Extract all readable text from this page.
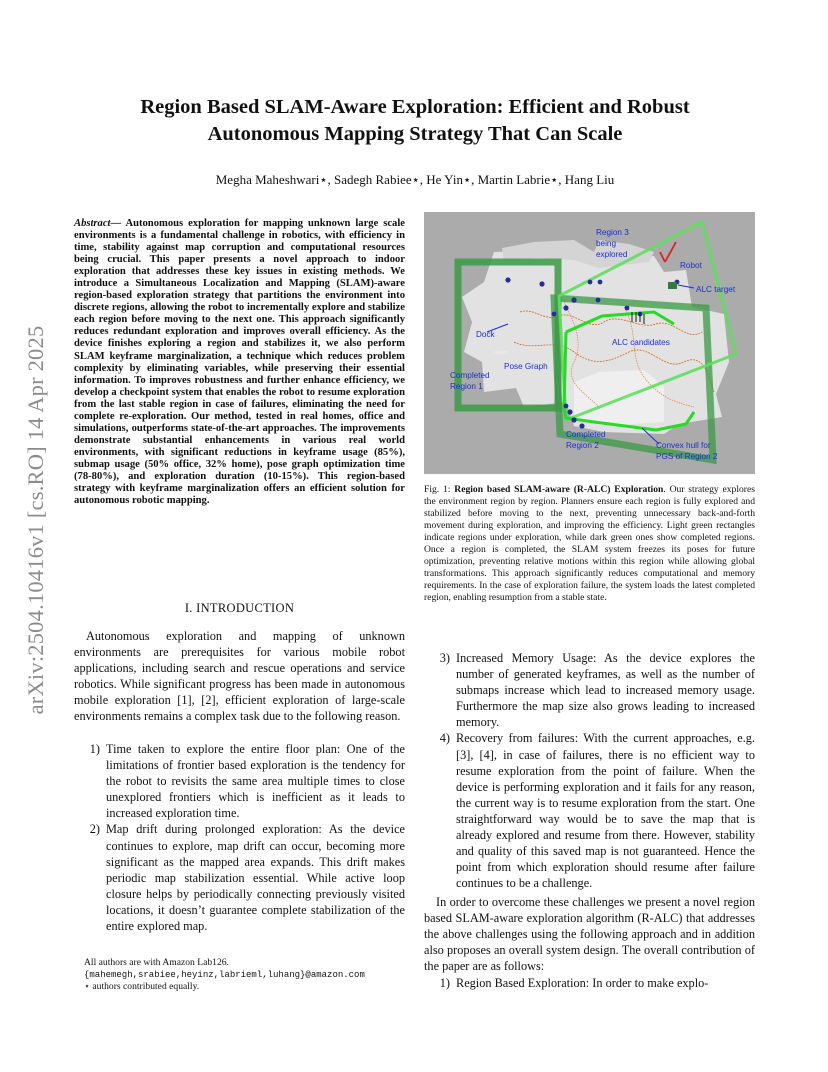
arXiv:2504.10416v1 [cs.RO] 14 Apr 2025
Region Based SLAM-Aware Exploration: Efficient and Robust
Autonomous Mapping Strategy That Can Scale
Megha Maheshwari⋆, Sadegh Rabiee⋆, He Yin⋆, Martin Labrie⋆, Hang Liu
Abstract— Autonomous exploration for mapping unknown large scale environments is a fundamental challenge in robotics, with efficiency in time, stability against map corruption and computational resources being crucial. This paper presents a novel approach to indoor exploration that addresses these key issues in existing methods. We introduce a Simultaneous Localization and Mapping (SLAM)-aware region-based exploration strategy that partitions the environment into discrete regions, allowing the robot to incrementally explore and stabilize each region before moving to the next one. This approach significantly reduces redundant exploration and improves overall efficiency. As the device finishes exploring a region and stabilizes it, we also perform SLAM keyframe marginalization, a technique which reduces problem complexity by eliminating variables, while preserving their essential information. To improves robustness and further enhance efficiency, we develop a checkpoint system that enables the robot to resume exploration from the last stable region in case of failures, eliminating the need for complete re-exploration. Our method, tested in real homes, office and simulations, outperforms state-of-the-art approaches. The improvements demonstrate substantial enhancements in various real world environments, with significant reductions in keyframe usage (85%), submap usage (50% office, 32% home), pose graph optimization time (78-80%), and exploration duration (10-15%). This region-based strategy with keyframe marginalization offers an efficient solution for autonomous robotic mapping.
I. INTRODUCTION

Autonomous exploration and mapping of unknown environments are prerequisites for various mobile robot applications, including search and rescue operations and service robotics. While significant progress has been made in autonomous mobile exploration [1], [2], efficient exploration of large-scale environments remains a complex task due to the following reason.

1) Time taken to explore the entire floor plan: One of the limitations of frontier based exploration is the tendency for the robot to revisits the same area multiple times to close unexplored frontiers which is inefficient as it leads to increased exploration time.
2) Map drift during prolonged exploration: As the device continues to explore, map drift can occur, becoming more significant as the mapped area expands. This drift makes periodic map stabilization essential. While active loop closure helps by periodically connecting previously visited locations, it doesn’t guarantee complete stabilization of the entire explored map.
All authors are with Amazon Lab126.
{mahemegh,srabiee,heyinz,labrieml,luhang}@amazon.com
⋆ authors contributed equally.
Region 3
being
explored
Robot
ALC target
Dock
odom
Pose Graph
ALC candidates
Completed
Region 1
Completed
Region 2	Convex hull for
PGS of Region 2
Fig. 1: Region based SLAM-aware (R-ALC) Exploration. Our strategy explores the environment region by region. Planners ensure each region is fully explored and stabilized before moving to the next, preventing unnecessary back-and-forth movement during exploration, and improving the efficiency. Light green rectangles indicate regions under exploration, while dark green ones show completed regions. Once a region is completed, the SLAM system freezes its poses for future optimization, preventing relative motions within this region while allowing global transformations. This approach significantly reduces computational and memory requirements. In the case of exploration failure, the system loads the latest completed region, enabling resumption from a stable state.
3) Increased Memory Usage: As the device explores the number of generated keyframes, as well as the number of submaps increase which lead to increased memory usage. Furthermore the map size also grows leading to increased memory.
4) Recovery from failures: With the current approaches, e.g. [3], [4], in case of failures, there is no efficient way to resume exploration from the point of failure. When the device is performing exploration and it fails for any reason, the current way is to resume exploration from the start. One straightforward way would be to save the map that is already explored and resume from there. However, stability and quality of this saved map is not guaranteed. Hence the point from which exploration should resume after failure continues to be a challenge.

In order to overcome these challenges we present a novel region based SLAM-aware exploration algorithm (R-ALC) that addresses the above challenges using the following approach and in addition also proposes an overall system design. The overall contribution of the paper are as follows:

1) Region Based Exploration: In order to make explo-
